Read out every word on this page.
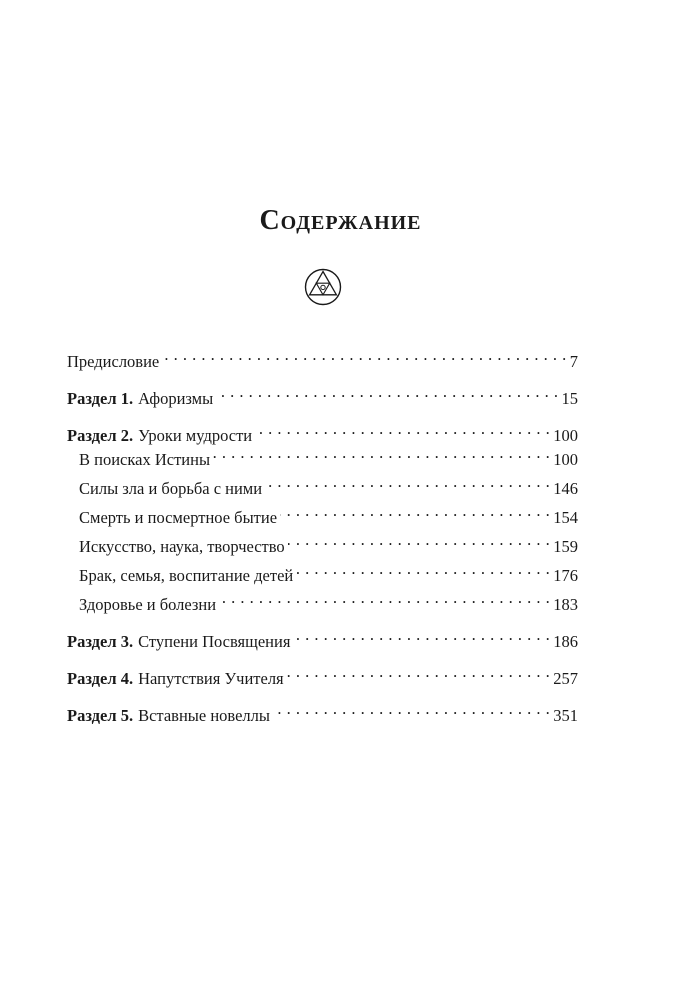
Содержание
Предисловие . . .	7
Раздел 1. Афоризмы . . .	15
Раздел 2. Уроки мудрости . . .	100
В поисках Истины . . .	100
Силы зла и борьба с ними . . .	146
Смерть и посмертное бытие . . .	154
Искусство, наука, творчество . . .	159
Брак, семья, воспитание детей . . .	176
Здоровье и болезни . . .	183
Раздел 3. Ступени Посвящения . . .	186
Раздел 4. Напутствия Учителя . . .	257
Раздел 5. Вставные новеллы . . .	351
